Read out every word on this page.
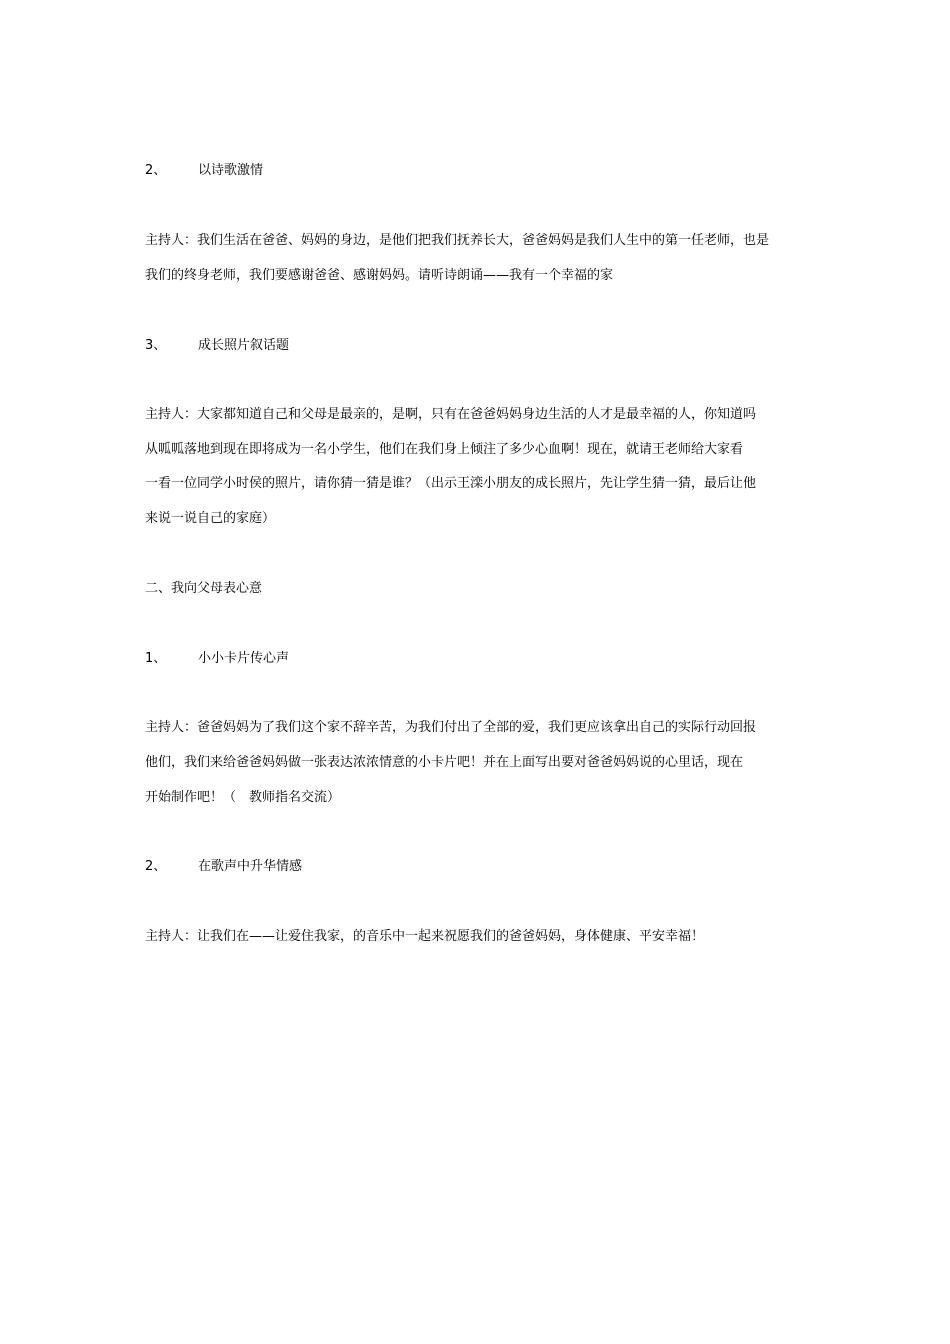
2、 以诗歌激情
主持人：我们生活在爸爸、妈妈的身边，是他们把我们抚养长大，爸爸妈妈是我们人生中的第一任老师，也是
我们的终身老师，我们要感谢爸爸、感谢妈妈。请听诗朗诵——我有一个幸福的家
3、 成长照片叙话题
主持人：大家都知道自己和父母是最亲的，是啊，只有在爸爸妈妈身边生活的人才是最幸福的人，你知道吗
从呱呱落地到现在即将成为一名小学生，他们在我们身上倾注了多少心血啊！现在，就请王老师给大家看
一看一位同学小时侯的照片，请你猜一猜是谁？（出示王滦小朋友的成长照片，先让学生猜一猜，最后让他
来说一说自己的家庭）
二、我向父母表心意
1、 小小卡片传心声
主持人：爸爸妈妈为了我们这个家不辞辛苦，为我们付出了全部的爱，我们更应该拿出自己的实际行动回报
他们，我们来给爸爸妈妈做一张表达浓浓情意的小卡片吧！并在上面写出要对爸爸妈妈说的心里话，现在
开始制作吧！（　教师指名交流）
2、 在歌声中升华情感
主持人：让我们在——让爱住我家，的音乐中一起来祝愿我们的爸爸妈妈，身体健康、平安幸福！
